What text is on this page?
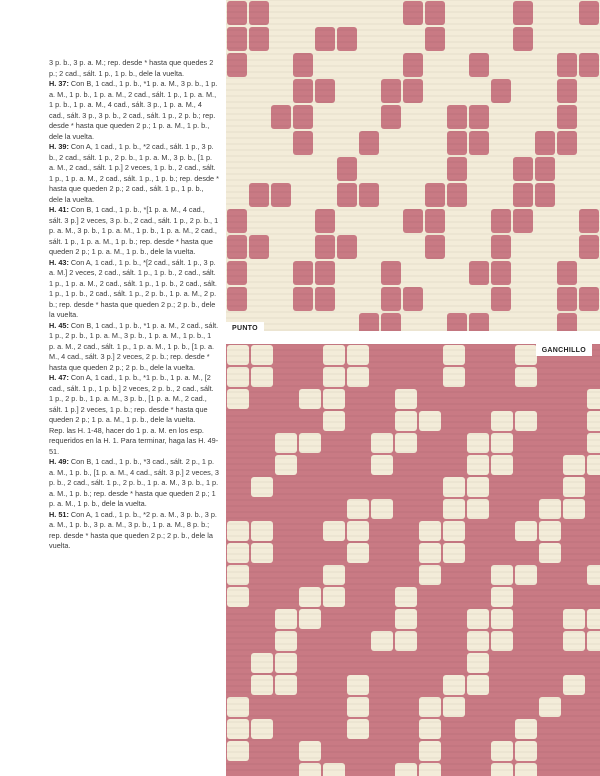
3 p. b., 3 p. a. M.; rep. desde * hasta que quedes 2 p.; 2 cad., sált. 1 p., 1 p. b., dele la vuelta.

H. 37: Con B, 1 cad., 1 p. b., *1 p. a. M., 3 p. b., 1 p. a. M., 1 p. b., 1 p. a. M., 2 cad., sált. 1 p., 1 p. a. M., 1 p. b., 1 p. a. M., 4 cad., sált. 3 p., 1 p. a. M., 4 cad., sált. 3 p., 3 p. b., 2 cad., sált. 1 p., 2 p. b.; rep. desde * hasta que queden 2 p.; 1 p. a. M., 1 p. b., dele la vuelta.

H. 39: Con A, 1 cad., 1 p. b., *2 cad., sált. 1 p., 3 p. b., 2 cad., sált. 1 p., 2 p. b., 1 p. a. M., 3 p. b., [1 p. a. M., 2 cad., sált. 1 p.] 2 veces, 1 p. b., 2 cad., sált. 1 p., 1 p. a. M., 2 cad., sált. 1 p., 1 p. b.; rep. desde * hasta que queden 2 p.; 2 cad., sált. 1 p., 1 p. b., dele la vuelta.

H. 41: Con B, 1 cad., 1 p. b., *[1 p. a. M., 4 cad., sált. 3 p.] 2 veces, 3 p. b., 2 cad., sált. 1 p., 2 p. b., 1 p. a. M., 3 p. b., 1 p. a. M., 1 p. b., 1 p. a. M., 2 cad., sált. 1 p., 1 p. a. M., 1 p. b.; rep. desde * hasta que queden 2 p.; 1 p. a. M., 1 p. b., dele la vuelta.

H. 43: Con A, 1 cad., 1 p. b., *[2 cad., sált. 1 p., 3 p. a. M.] 2 veces, 2 cad., sált. 1 p., 1 p. b., 2 cad., sált. 1 p., 1 p. a. M., 2 cad., sált. 1 p., 1 p. b., 2 cad., sált. 1 p., 1 p. b., 2 cad., sált. 1 p., 2 p. b., 1 p. a. M., 2 p. b.; rep. desde * hasta que queden 2 p.; 2 p. b., dele la vuelta.

H. 45: Con B, 1 cad., 1 p. b., *1 p. a. M., 2 cad., sált. 1 p., 2 p. b., 1 p. a. M., 3 p. b., 1 p. a. M., 1 p. b., 1 p. a. M., 2 cad., sált. 1 p., 1 p. a. M., 1 p. b., [1 p. a. M., 4 cad., sált. 3 p.] 2 veces, 2 p. b.; rep. desde * hasta que queden 2 p.; 2 p. b., dele la vuelta.

H. 47: Con A, 1 cad., 1 p. b., *1 p. b., 1 p. a. M., [2 cad., sált. 1 p., 1 p. b.] 2 veces, 2 p. b., 2 cad., sált. 1 p., 2 p. b., 1 p. a. M., 3 p. b., [1 p. a. M., 2 cad., sált. 1 p.] 2 veces, 1 p. b.; rep. desde * hasta que queden 2 p.; 1 p. a. M., 1 p. b., dele la vuelta.

Rep. las H. 1-48, hacer do 1 p. a. M. en los esp. requeridos en la H. 1. Para terminar, haga las H. 49-51.

H. 49: Con B, 1 cad., 1 p. b., *3 cad., sált. 2 p., 1 p. a. M., 1 p. b., [1 p. a. M., 4 cad., sált. 3 p.] 2 veces, 3 p. b., 2 cad., sált. 1 p., 2 p. b., 1 p. a. M., 3 p. b., 1 p. a. M., 1 p. b.; rep. desde * hasta que queden 2 p.; 1 p. a. M., 1 p. b., dele la vuelta.

H. 51: Con A, 1 cad., 1 p. b., *2 p. a. M., 3 p. b., 3 p. a. M., 1 p. b., 3 p. a. M., 3 p. b., 1 p. a. M., 8 p. b.; rep. desde * hasta que queden 2 p.; 2 p. b., dele la vuelta.

PUNTO
GANCHILLO
